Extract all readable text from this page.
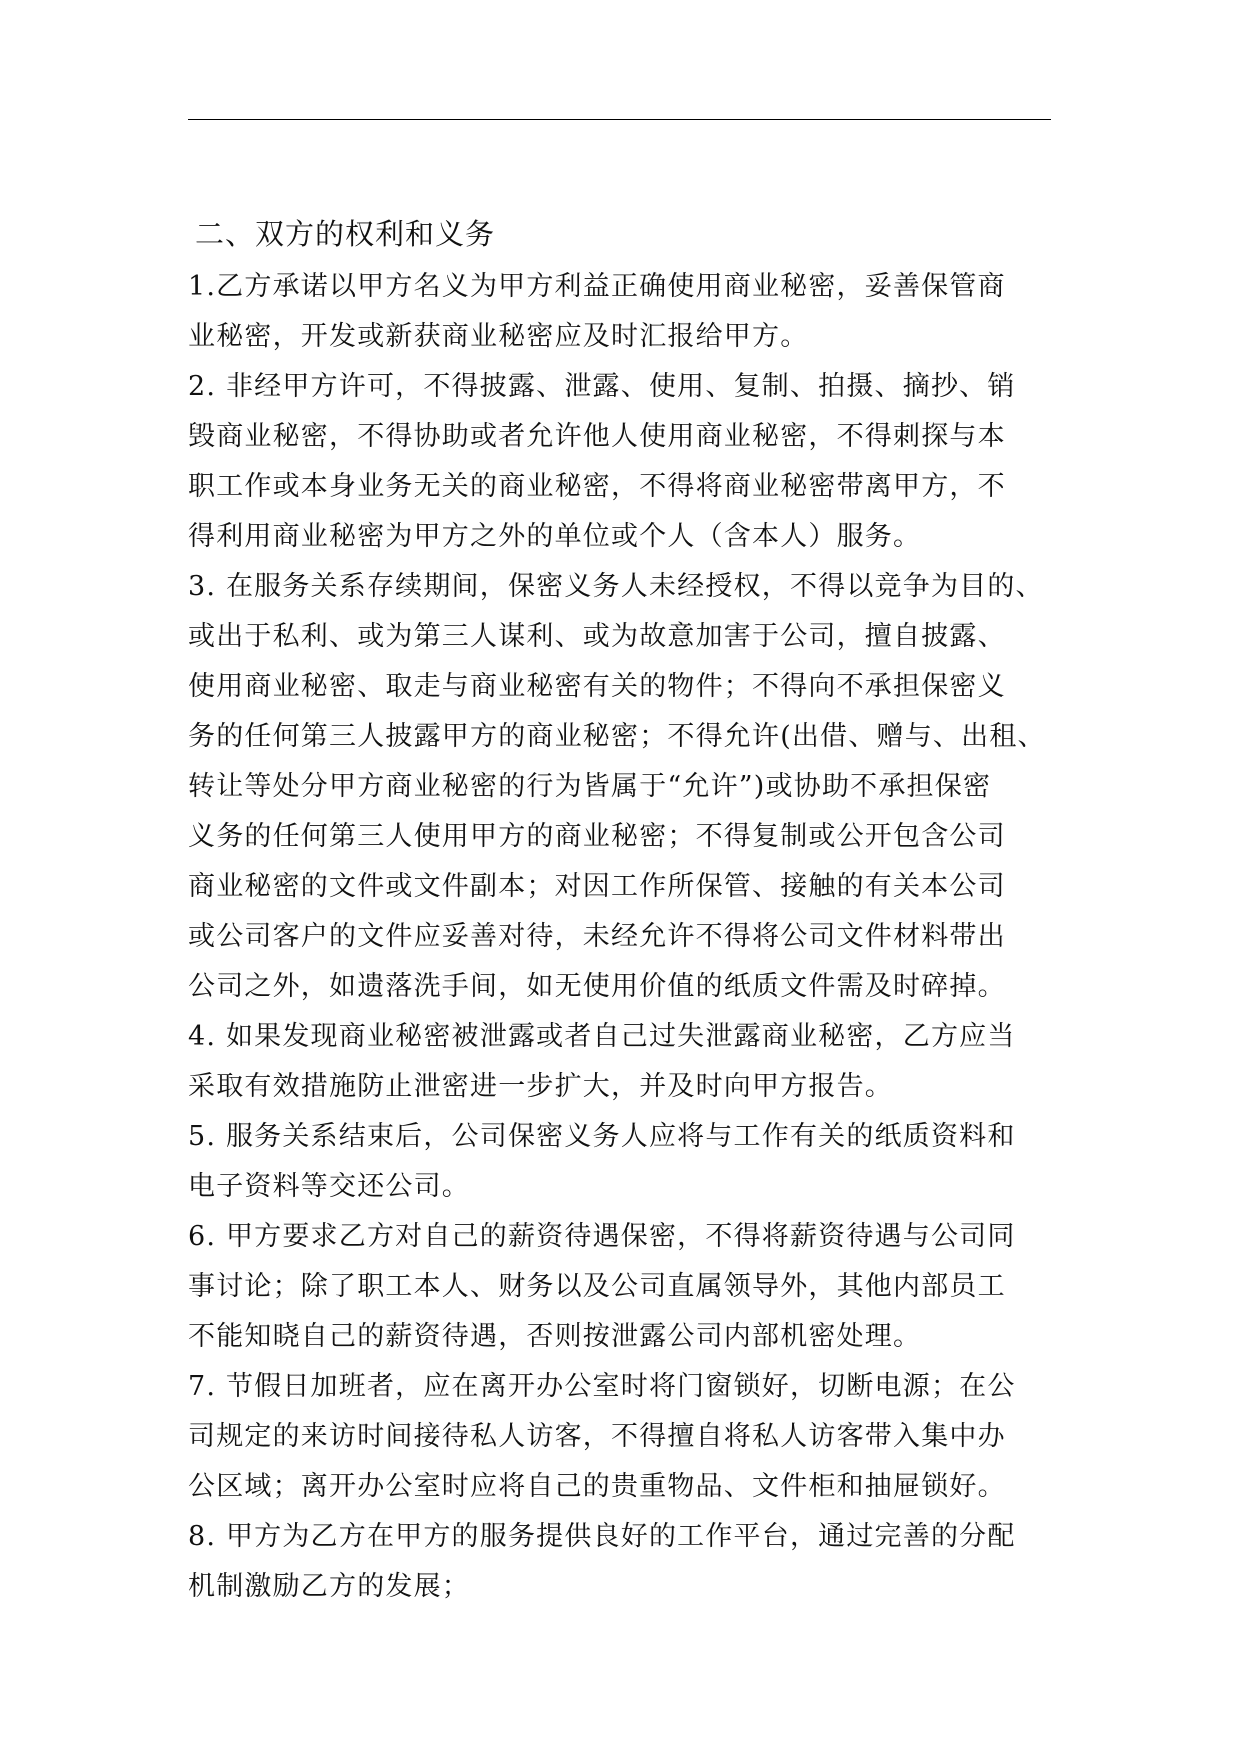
二、双方的权利和义务
1.乙方承诺以甲方名义为甲方利益正确使用商业秘密，妥善保管商
业秘密，开发或新获商业秘密应及时汇报给甲方。
2. 非经甲方许可，不得披露、泄露、使用、复制、拍摄、摘抄、销
毁商业秘密，不得协助或者允许他人使用商业秘密，不得刺探与本
职工作或本身业务无关的商业秘密，不得将商业秘密带离甲方，不
得利用商业秘密为甲方之外的单位或个人（含本人）服务。
3. 在服务关系存续期间，保密义务人未经授权，不得以竞争为目的、
或出于私利、或为第三人谋利、或为故意加害于公司，擅自披露、
使用商业秘密、取走与商业秘密有关的物件；不得向不承担保密义
务的任何第三人披露甲方的商业秘密；不得允许(出借、赠与、出租、
转让等处分甲方商业秘密的行为皆属于“允许”)或协助不承担保密
义务的任何第三人使用甲方的商业秘密；不得复制或公开包含公司
商业秘密的文件或文件副本；对因工作所保管、接触的有关本公司
或公司客户的文件应妥善对待，未经允许不得将公司文件材料带出
公司之外，如遗落洗手间，如无使用价值的纸质文件需及时碎掉。
4. 如果发现商业秘密被泄露或者自己过失泄露商业秘密，乙方应当
采取有效措施防止泄密进一步扩大，并及时向甲方报告。
5. 服务关系结束后，公司保密义务人应将与工作有关的纸质资料和
电子资料等交还公司。
6. 甲方要求乙方对自己的薪资待遇保密，不得将薪资待遇与公司同
事讨论；除了职工本人、财务以及公司直属领导外，其他内部员工
不能知晓自己的薪资待遇，否则按泄露公司内部机密处理。
7. 节假日加班者，应在离开办公室时将门窗锁好，切断电源；在公
司规定的来访时间接待私人访客，不得擅自将私人访客带入集中办
公区域；离开办公室时应将自己的贵重物品、文件柜和抽屉锁好。
8. 甲方为乙方在甲方的服务提供良好的工作平台，通过完善的分配
机制激励乙方的发展；
